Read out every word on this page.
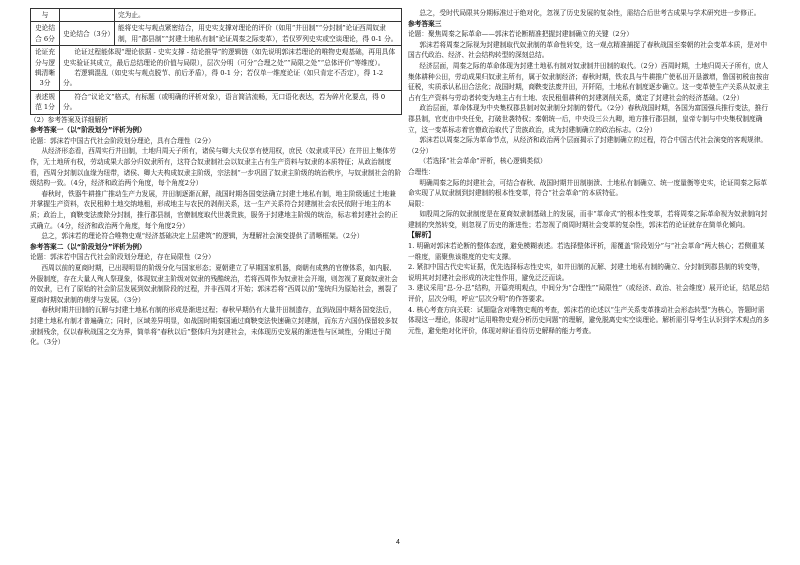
与		完为止。
史论结合 6分	史论结合（3分）	能将史实与观点紧密结合，用史实支撑对理论的评价（如用“井田制”“分封制”论证西周奴隶制，用“郡县制”“封建土地私有制”论证周秦之际变革），若仅罗列史实或空谈理论，得 0-1 分。
论证充分与逻辑清晰 3分	论证过程能体现“理论依据 - 史实支撑 - 结论推导”的逻辑链（如先说明郭沫若理论的唯物史观基础，再用具体史实验证其成立，最后总结理论的价值与局限），层次分明（可分“合理之处”“局限之处”“总体评价”等维度）。

若逻辑混乱（如史实与观点脱节、前后矛盾），得 0-1 分；若仅单一维度论证（如只肯定不否定），得 1-2 分。	

表述规范 1分	符合“议论文”格式，有标题（或明确的评析对象），语言简洁流畅，无口语化表达，若为碎片化要点，得 0 分。	

（2）参考答案及详细解析

参考答案一（以“阶段划分”评析为例）

论题：郭沫若中国古代社会阶段划分理论，具有合理性（2分）

从经济形态看，西周实行井田制，土地归周天子所有，诸侯与卿大夫仅享有使用权，庶民（奴隶或平民）在井田上集体劳作，无土地所有权，劳动成果大部分归奴隶所有，这符合奴隶制社会以奴隶主占有生产资料与奴隶的本质特征；从政治制度看，西周分封制以血缘为纽带，诸侯、卿大夫构成奴隶主阶级，宗法制“一步巩固了奴隶主阶级的统治秩序，与奴隶制社会的阶级结构一致。（4分，经济和政治两个角度，每个角度2分）

春秋时，铁器牛耕推广推动生产力发展，井田制逐渐瓦解，战国时期各国变法确立封建土地私有制，地主阶级通过土地兼并掌握生产资料，农民租种土地交纳地租，形成地主与农民的剥削关系，这一生产关系符合封建制社会农民依附于地主的本质；政治上，商鞅变法废除分封制，推行郡县制，官僚制度取代世袭贵族，服务于封建地主阶级的统治，标志着封建社会的正式确立。（4分，经济和政治两个角度，每个角度2分）

总之，郭沫若的理论符合唯物史观“经济基础决定上层建筑”的逻辑，为理解社会演变提供了清晰框架。（2分）

参考答案二（以“阶段划分”评析为例）

论题：郭沫若中国古代社会阶段划分理论，存在局限性（2分）

西周以前的夏商时期，已出现明显的阶级分化与国家形态；夏朝建立了早期国家机器，商朝有成熟的官僚体系，如内服、外服制度，存在大量人殉人祭现象，体现奴隶主阶级对奴隶的残酷统治，若将西周作为奴隶社会开端，则忽视了夏商奴隶社会的奴隶，已有了原始的社会阶层发展到奴隶制阶段的过程，并非西周才开始；郭沫若将“西周以前”笼统归为原始社会，割裂了夏商时期奴隶制的萌芽与发展。（3分）

春秋时期井田制的瓦解与封建土地私有制的形成是渐进过程；春秋早期仍有大量井田制遗存，直到战国中期各国变法后，封建土地私有制才普遍确立；同时，区域差异明显，如战国时期秦国通过商鞅变法快速确立封建制，而东方六国仍保留较多奴隶制残余，仅以春秋战国之交为界，简单将“春秋以后”整体归为封建社会，未体现历史发展的渐进性与区域性，分期过于简化。（3分）

总之，受时代局限其分期标准过于绝对化，忽视了历史发展的复杂性，需结合后世考古成果与学术研究进一步修正。

参考答案三

论题：聚焦周秦之际革命——郭沫若论断精准把握封建制确立的关键（2分）

郭沫若将周秦之际视为封建制取代奴隶制的革命性转变，这一观点精准捕捉了春秋战国至秦朝的社会变革本质，是对中国古代政治、经济、社会结构转型的深刻总结。

经济层面，周秦之际的革命体现为封建土地私有制对奴隶制井田制的取代。（2分）西周时期，土地归周天子所有，庶人集体耕种公田，劳动成果归奴隶主所有，属于奴隶制经济；春秋时期，铁农具与牛耕推广使私田开垦激增，鲁国初税亩按亩征税，实质承认私田合法化；战国时期，商鞅变法废井田，开阡陌，土地私有制度逐步确立。这一变革使生产关系从奴隶主占有生产资料与劳动者转变为地主占有土地、农民租佃耕种的封建剥削关系，奠定了封建社会的经济基础。（2分）

政治层面，革命体现为中央集权郡县制对奴隶制分封制的替代。（2分）春秋战国时期，各国为富国强兵推行变法，推行郡县制，官吏由中央任免，打破世袭特权；秦朝统一后，中央设三公九卿，地方推行郡县制，皇帝专制与中央集权制度确立，这一变革标志着官僚政治取代了贵族政治，成为封建制确立的政治标志。（2分）

郭沫若以周秦之际为革命节点，从经济和政治两个层面揭示了封建制确立的过程，符合中国古代社会演变的客观规律。（2分）

（若选择“社会革命”评析，核心逻辑类似）

合理性：

明确周秦之际的封建社会，可结合春秋、战国时期井田制崩溃、土地私有制确立、统一度量衡等史实，论证周秦之际革命实现了从奴隶制到封建制的根本性变革，符合“社会革命”的本质特征。

局限：

如殷周之际的奴隶制度是在夏商奴隶制基础上的发展，而非“革命式”的根本性变革，若将周秦之际革命视为奴隶制向封建制的突然转变，则忽视了历史的渐进性；若忽视了商周时期社会变革的复杂性，郭沫若的论证就存在简单化倾向。

【解析】

1. 明确对郭沫若论断的整体态度，避免模糊表述。若选择整体评析，需覆盖“阶段划分”与“社会革命”两大核心；若侧重某一维度，需聚焦该维度的史实支撑。

2. 紧扣中国古代史实证据，优先选择标志性史实，如井田制的瓦解、封建土地私有制的确立、分封制到郡县制的转变等，说明其对封建社会形成的决定性作用，避免泛泛而谈。

3. 建议采用“总-分-总”结构，开篇亮明观点，中间分为“合理性”“局限性”（或经济、政治、社会维度）展开论证，结尾总结评价，层次分明，呼应“层次分明”的作答要求。

4. 核心考查方向关联：试题隐含对唯物史观的考查，郭沫若的论述以“生产关系变革推动社会形态转型”为核心，答题时需体现这一理论，体现对“运用唯物史观分析历史问题”的理解，避免脱离史实空谈理论。解析需引导考生认识到学术观点的多元性，避免绝对化评价，体现对辩证看待历史解释的能力考查。

4
